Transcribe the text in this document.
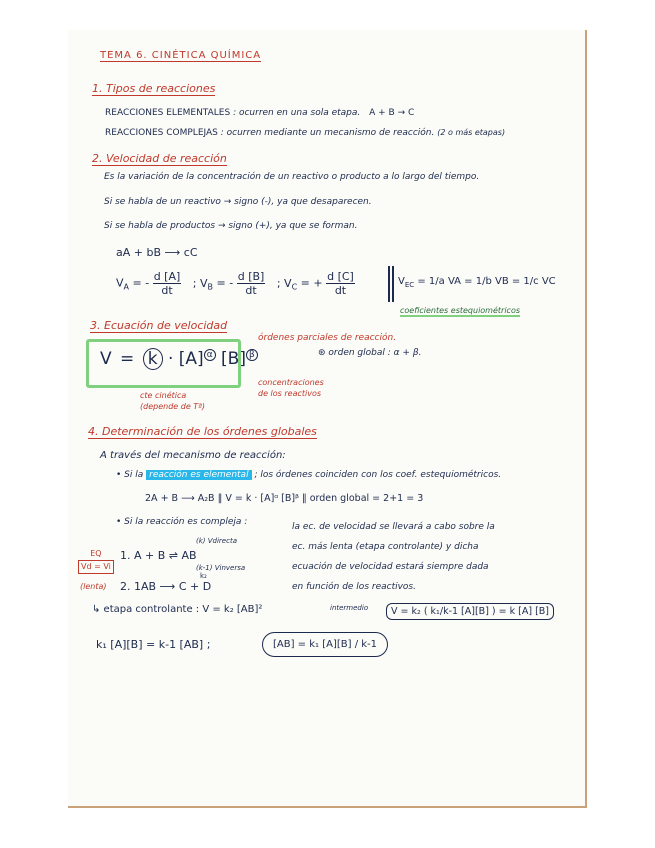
TEMA 6. CINÉTICA QUÍMICA
1. Tipos de reacciones
REACCIONES ELEMENTALES : ocurren en una sola etapa. A + B → C
REACCIONES COMPLEJAS : ocurren mediante un mecanismo de reacción. (2 o más etapas)
2. Velocidad de reacción
Es la variación de la concentración de un reactivo o producto a lo largo del tiempo.
Si se habla de un reactivo → signo (-), ya que desaparecen.
Si se habla de productos → signo (+), ya que se forman.
aA + bB ⟶ cC
$V_A$ = - $\frac{d [A]}{dt}$ ; $V_B$ = - $\frac{d [B]}{dt}$ ; $V_C$ = + $\frac{d [C]}{dt}$	$V_{EC} = 1/a$ VA = 1/b VB = 1/c VC
coeficientes estequiométricos
3. Ecuación de velocidad
órdenes parciales de reacción.
⊛ orden global : α + β.
V = k · [A] $^\alpha$ [B] $^\beta$
concentraciones
de los reactivos
cte cinética
(depende de Tª)
4. Determinación de los órdenes globales
A través del mecanismo de reacción:
• Si la reacción es elemental ; los órdenes coinciden con los coef. estequiométricos.
2A + B ⟶ A₂B ‖ V = k · [A]ᵅ [B]ᵝ ‖ orden global = 2+1 = 3
• Si la reacción es compleja :	la ec. de velocidad se llevará a cabo sobre la
ec. más lenta (etapa controlante) y dicha
ecuación de velocidad estará siempre dada
en función de los reactivos.
EQ
Vd = Vi
(lenta)
(k) Vdirecta
1. A + B ⇌ AB
(k-1) Vinversa
2. 1AB ⟶ C + D
k₂
↳ etapa controlante : V = k₂ [AB]²	intermedio	V = k₂ ( k₁/k-1 [A][B] ) = k [A] [B]
k₁ [A][B] = k-1 [AB] ;	[AB] = k₁ [A][B] / k-1
